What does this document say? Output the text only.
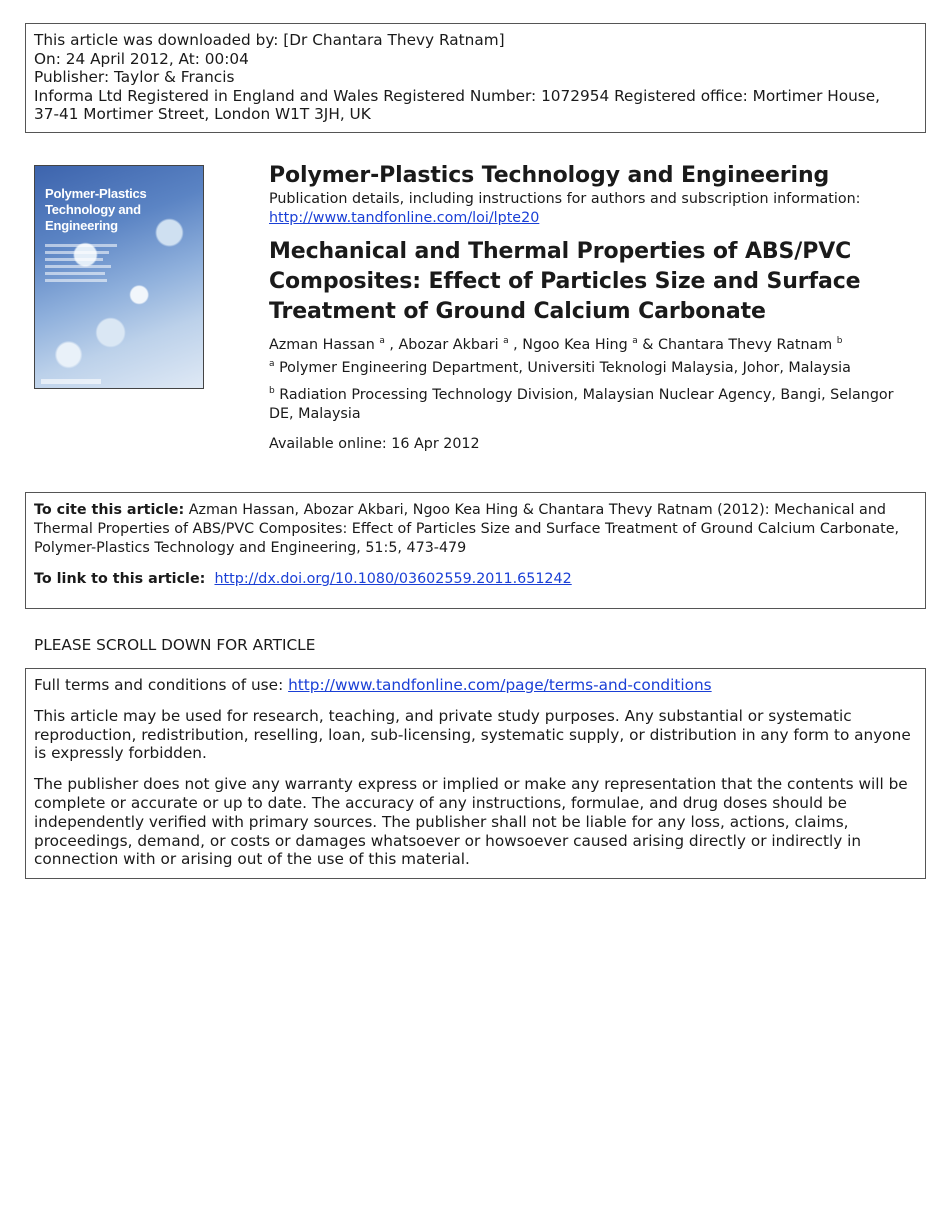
This article was downloaded by: [Dr Chantara Thevy Ratnam]
On: 24 April 2012, At: 00:04
Publisher: Taylor & Francis
Informa Ltd Registered in England and Wales Registered Number: 1072954 Registered office: Mortimer House,
37-41 Mortimer Street, London W1T 3JH, UK
Polymer-Plastics
Technology and
Engineering
Polymer-Plastics Technology and Engineering
Publication details, including instructions for authors and subscription information:
http://www.tandfonline.com/loi/lpte20
Mechanical and Thermal Properties of ABS/PVC Composites: Effect of Particles Size and Surface Treatment of Ground Calcium Carbonate
Azman Hassan $^a$ , Abozar Akbari $^a$ , Ngoo Kea Hing $^a$ & Chantara Thevy Ratnam $^b$
$^a$ Polymer Engineering Department, Universiti Teknologi Malaysia, Johor, Malaysia
$^b$ Radiation Processing Technology Division, Malaysian Nuclear Agency, Bangi, Selangor DE, Malaysia
Available online: 16 Apr 2012
To cite this article: Azman Hassan, Abozar Akbari, Ngoo Kea Hing & Chantara Thevy Ratnam (2012): Mechanical and Thermal Properties of ABS/PVC Composites: Effect of Particles Size and Surface Treatment of Ground Calcium Carbonate, Polymer-Plastics Technology and Engineering, 51:5, 473-479
To link to this article: http://dx.doi.org/10.1080/03602559.2011.651242
PLEASE SCROLL DOWN FOR ARTICLE

Full terms and conditions of use: http://www.tandfonline.com/page/terms-and-conditions

This article may be used for research, teaching, and private study purposes. Any substantial or systematic reproduction, redistribution, reselling, loan, sub-licensing, systematic supply, or distribution in any form to anyone is expressly forbidden.

The publisher does not give any warranty express or implied or make any representation that the contents will be complete or accurate or up to date. The accuracy of any instructions, formulae, and drug doses should be independently verified with primary sources. The publisher shall not be liable for any loss, actions, claims, proceedings, demand, or costs or damages whatsoever or howsoever caused arising directly or indirectly in connection with or arising out of the use of this material.
